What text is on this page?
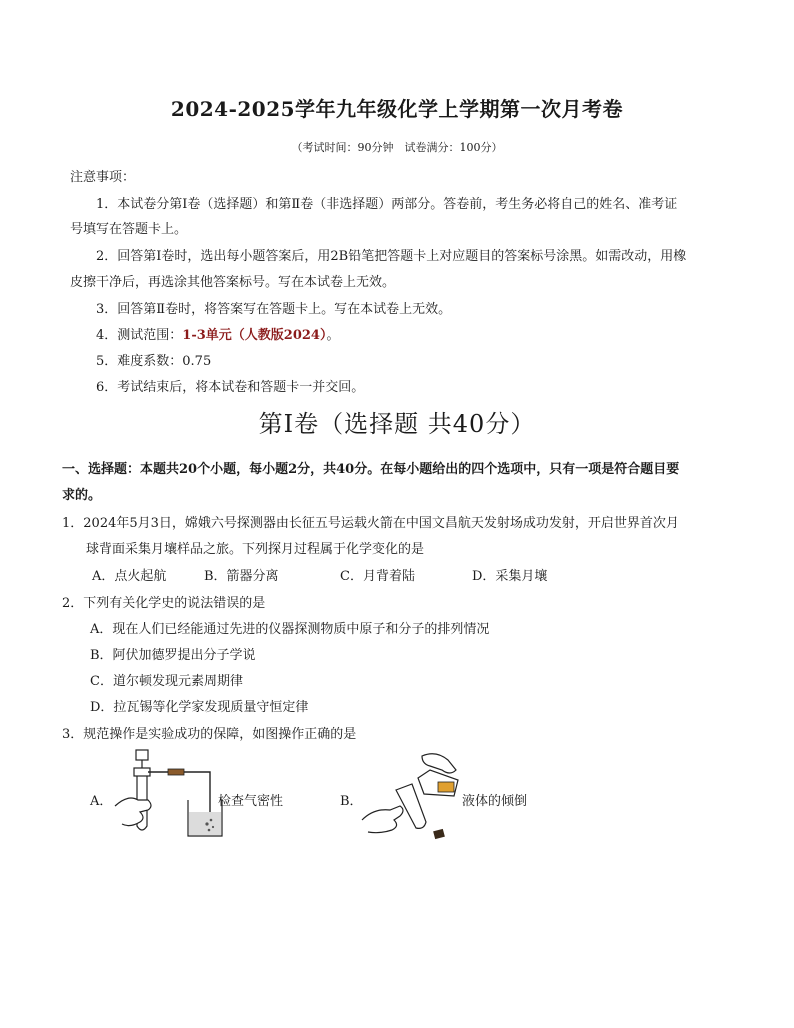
2024-2025学年九年级化学上学期第一次月考卷
（考试时间：90分钟　试卷满分：100分）
注意事项：
1．本试卷分第Ⅰ卷（选择题）和第Ⅱ卷（非选择题）两部分。答卷前，考生务必将自己的姓名、准考证
号填写在答题卡上。
2．回答第Ⅰ卷时，选出每小题答案后，用2B铅笔把答题卡上对应题目的答案标号涂黑。如需改动，用橡
皮擦干净后，再选涂其他答案标号。写在本试卷上无效。
3．回答第Ⅱ卷时，将答案写在答题卡上。写在本试卷上无效。
4．测试范围：1-3单元（人教版2024）。
5．难度系数：0.75
6．考试结束后，将本试卷和答题卡一并交回。
第Ⅰ卷（选择题 共40分）
一、选择题：本题共20个小题，每小题2分，共40分。在每小题给出的四个选项中，只有一项是符合题目要
求的。
1．2024年5月3日，嫦娥六号探测器由长征五号运载火箭在中国文昌航天发射场成功发射，开启世界首次月
球背面采集月壤样品之旅。下列探月过程属于化学变化的是
A．点火起航	B．箭器分离	C．月背着陆	D．采集月壤
2．下列有关化学史的说法错误的是
A．现在人们已经能通过先进的仪器探测物质中原子和分子的排列情况
B．阿伏加德罗提出分子学说
C．道尔顿发现元素周期律
D．拉瓦锡等化学家发现质量守恒定律
3．规范操作是实验成功的保障，如图操作正确的是
A．	检查气密性	B．	液体的倾倒
